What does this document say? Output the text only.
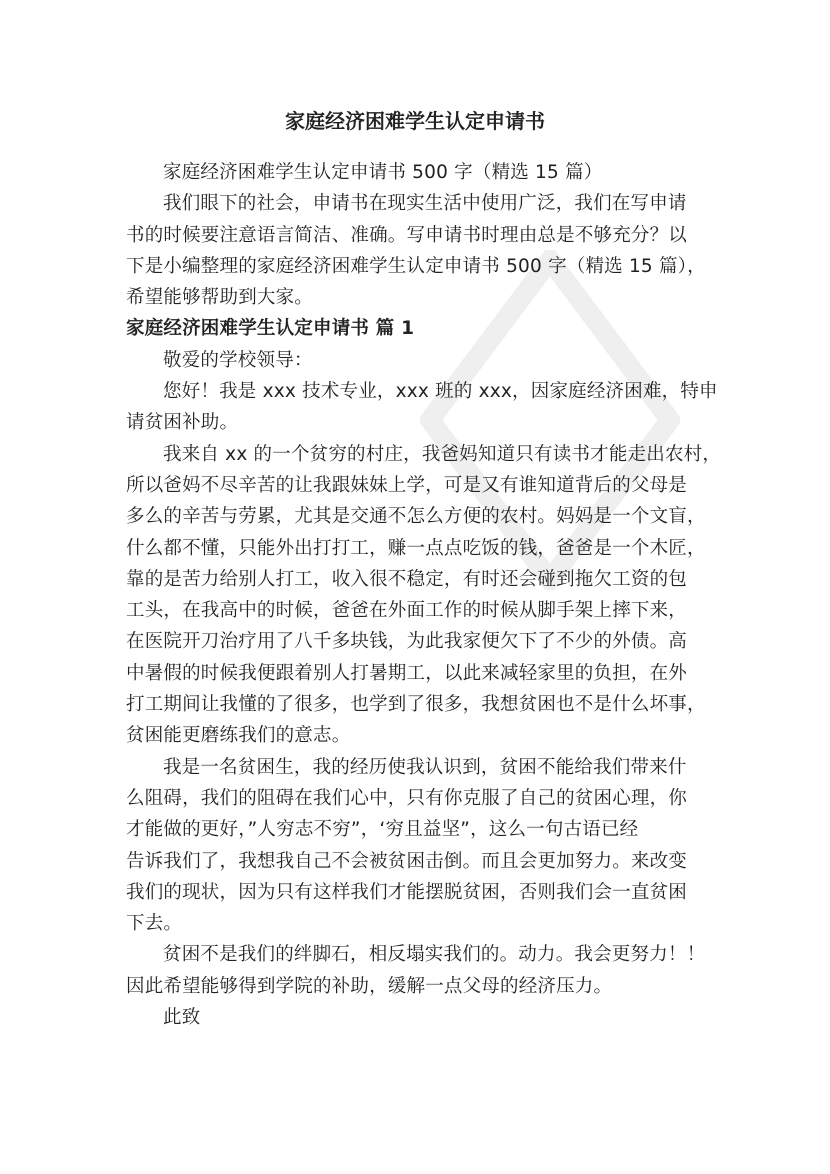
家庭经济困难学生认定申请书
家庭经济困难学生认定申请书 500 字（精选 15 篇）
我们眼下的社会，申请书在现实生活中使用广泛，我们在写申请
书的时候要注意语言简洁、准确。写申请书时理由总是不够充分？以
下是小编整理的家庭经济困难学生认定申请书 500 字（精选 15 篇），
希望能够帮助到大家。
家庭经济困难学生认定申请书 篇 1
敬爱的学校领导：
您好！我是 xxx 技术专业，xxx 班的 xxx，因家庭经济困难，特申
请贫困补助。
我来自 xx 的一个贫穷的村庄，我爸妈知道只有读书才能走出农村，
所以爸妈不尽辛苦的让我跟妹妹上学，可是又有谁知道背后的父母是
多么的辛苦与劳累，尤其是交通不怎么方便的农村。妈妈是一个文盲，
什么都不懂，只能外出打打工，赚一点点吃饭的钱，爸爸是一个木匠，
靠的是苦力给别人打工，收入很不稳定，有时还会碰到拖欠工资的包
工头，在我高中的时候，爸爸在外面工作的时候从脚手架上摔下来，
在医院开刀治疗用了八千多块钱，为此我家便欠下了不少的外债。高
中暑假的时候我便跟着别人打暑期工，以此来减轻家里的负担，在外
打工期间让我懂的了很多，也学到了很多，我想贫困也不是什么坏事，
贫困能更磨练我们的意志。
我是一名贫困生，我的经历使我认识到，贫困不能给我们带来什
么阻碍，我们的阻碍在我们心中，只有你克服了自己的贫困心理，你
才能做的更好，”人穷志不穷”，‘穷且益坚”，这么一句古语已经
告诉我们了，我想我自己不会被贫困击倒。而且会更加努力。来改变
我们的现状，因为只有这样我们才能摆脱贫困，否则我们会一直贫困
下去。
贫困不是我们的绊脚石，相反塌实我们的。动力。我会更努力！！
因此希望能够得到学院的补助，缓解一点父母的经济压力。
此致
